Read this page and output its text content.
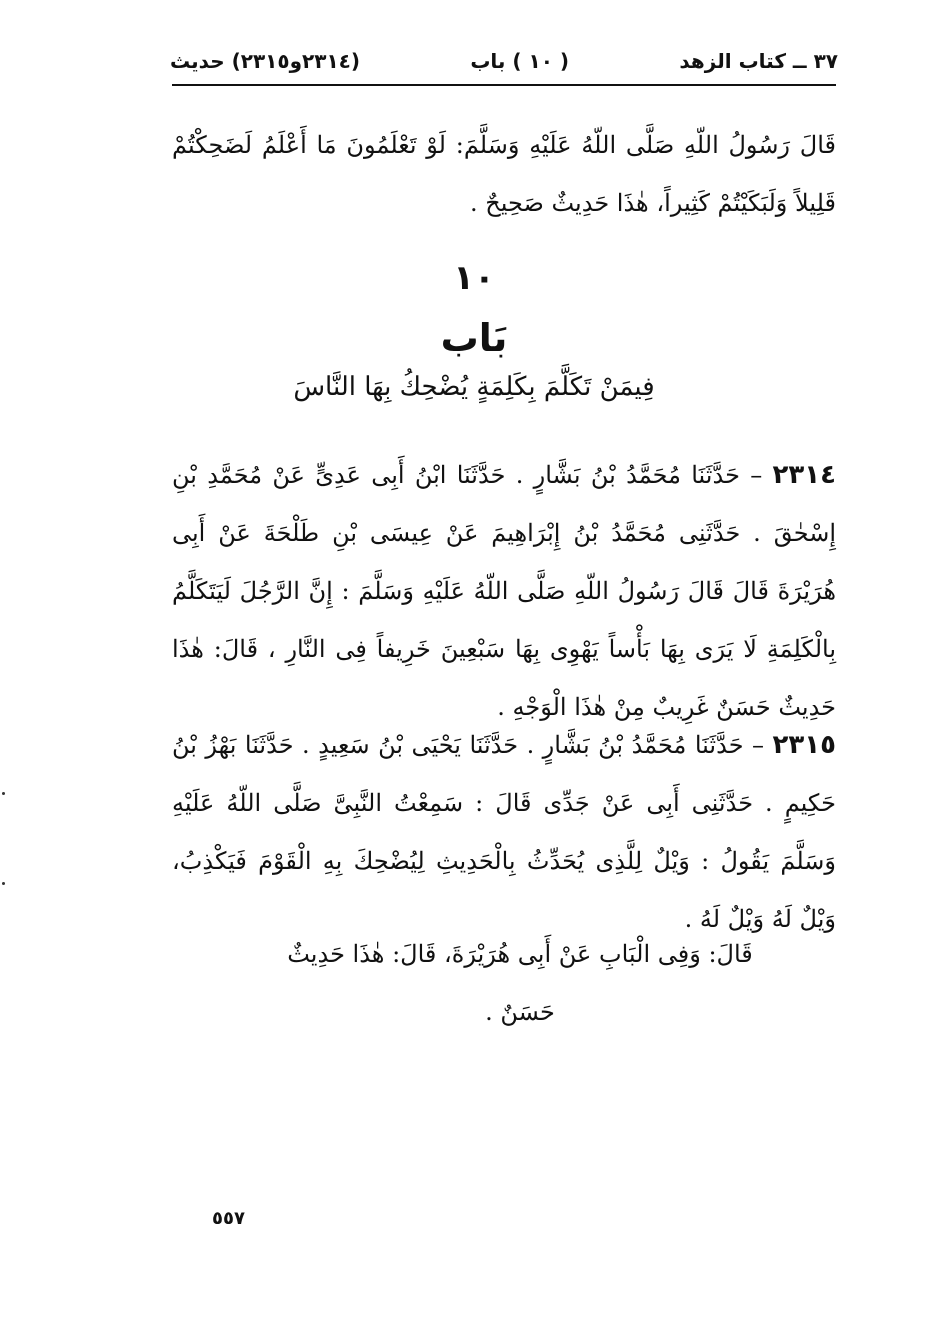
٣٧ ــ كتاب الزهد
( ١٠ ) باب
(٢٣١٤و٢٣١٥) حديث

قَالَ رَسُولُ اللّهِ صَلَّى اللّهُ عَلَيْهِ وَسَلَّمَ: لَوْ تَعْلَمُونَ مَا أَعْلَمُ لَضَحِكْتُمْ قَلِيلاً وَلَبَكَيْتُمْ كَثِيراً، هٰذَا حَدِيثٌ صَحِيحٌ .

١٠
بَاب
فِيمَنْ تَكَلَّمَ بِكَلِمَةٍ يُضْحِكُ بِهَا النَّاسَ

٢٣١٤ – حَدَّثَنَا مُحَمَّدُ بْنُ بَشَّارٍ . حَدَّثَنَا ابْنُ أَبِى عَدِىٍّ عَنْ مُحَمَّدِ بْنِ إِسْحٰقَ . حَدَّثَنِى مُحَمَّدُ بْنُ إِبْرَاهِيمَ عَنْ عِيسَى بْنِ طَلْحَةَ عَنْ أَبِى هُرَيْرَةَ قَالَ قَالَ رَسُولُ اللّهِ صَلَّى اللّهُ عَلَيْهِ وَسَلَّمَ : إِنَّ الرَّجُلَ لَيَتَكَلَّمُ بِالْكَلِمَةِ لَا يَرَى بِهَا بَأْساً يَهْوِى بِهَا سَبْعِينَ خَرِيفاً فِى النَّارِ ، قَالَ: هٰذَا حَدِيثٌ حَسَنٌ غَرِيبٌ مِنْ هٰذَا الْوَجْهِ .

٢٣١٥ – حَدَّثَنَا مُحَمَّدُ بْنُ بَشَّارٍ . حَدَّثَنَا يَحْيَى بْنُ سَعِيدٍ . حَدَّثَنَا بَهْزُ بْنُ حَكِيمٍ . حَدَّثَنِى أَبِى عَنْ جَدِّى قَالَ : سَمِعْتُ النَّبِىَّ صَلَّى اللّهُ عَلَيْهِ وَسَلَّمَ يَقُولُ : وَيْلٌ لِلَّذِى يُحَدِّثُ بِالْحَدِيثِ لِيُضْحِكَ بِهِ الْقَوْمَ فَيَكْذِبُ، وَيْلٌ لَهُ وَيْلٌ لَهُ .

قَالَ: وَفِى الْبَابِ عَنْ أَبِى هُرَيْرَةَ، قَالَ: هٰذَا حَدِيثٌ حَسَنٌ .

٥٥٧
